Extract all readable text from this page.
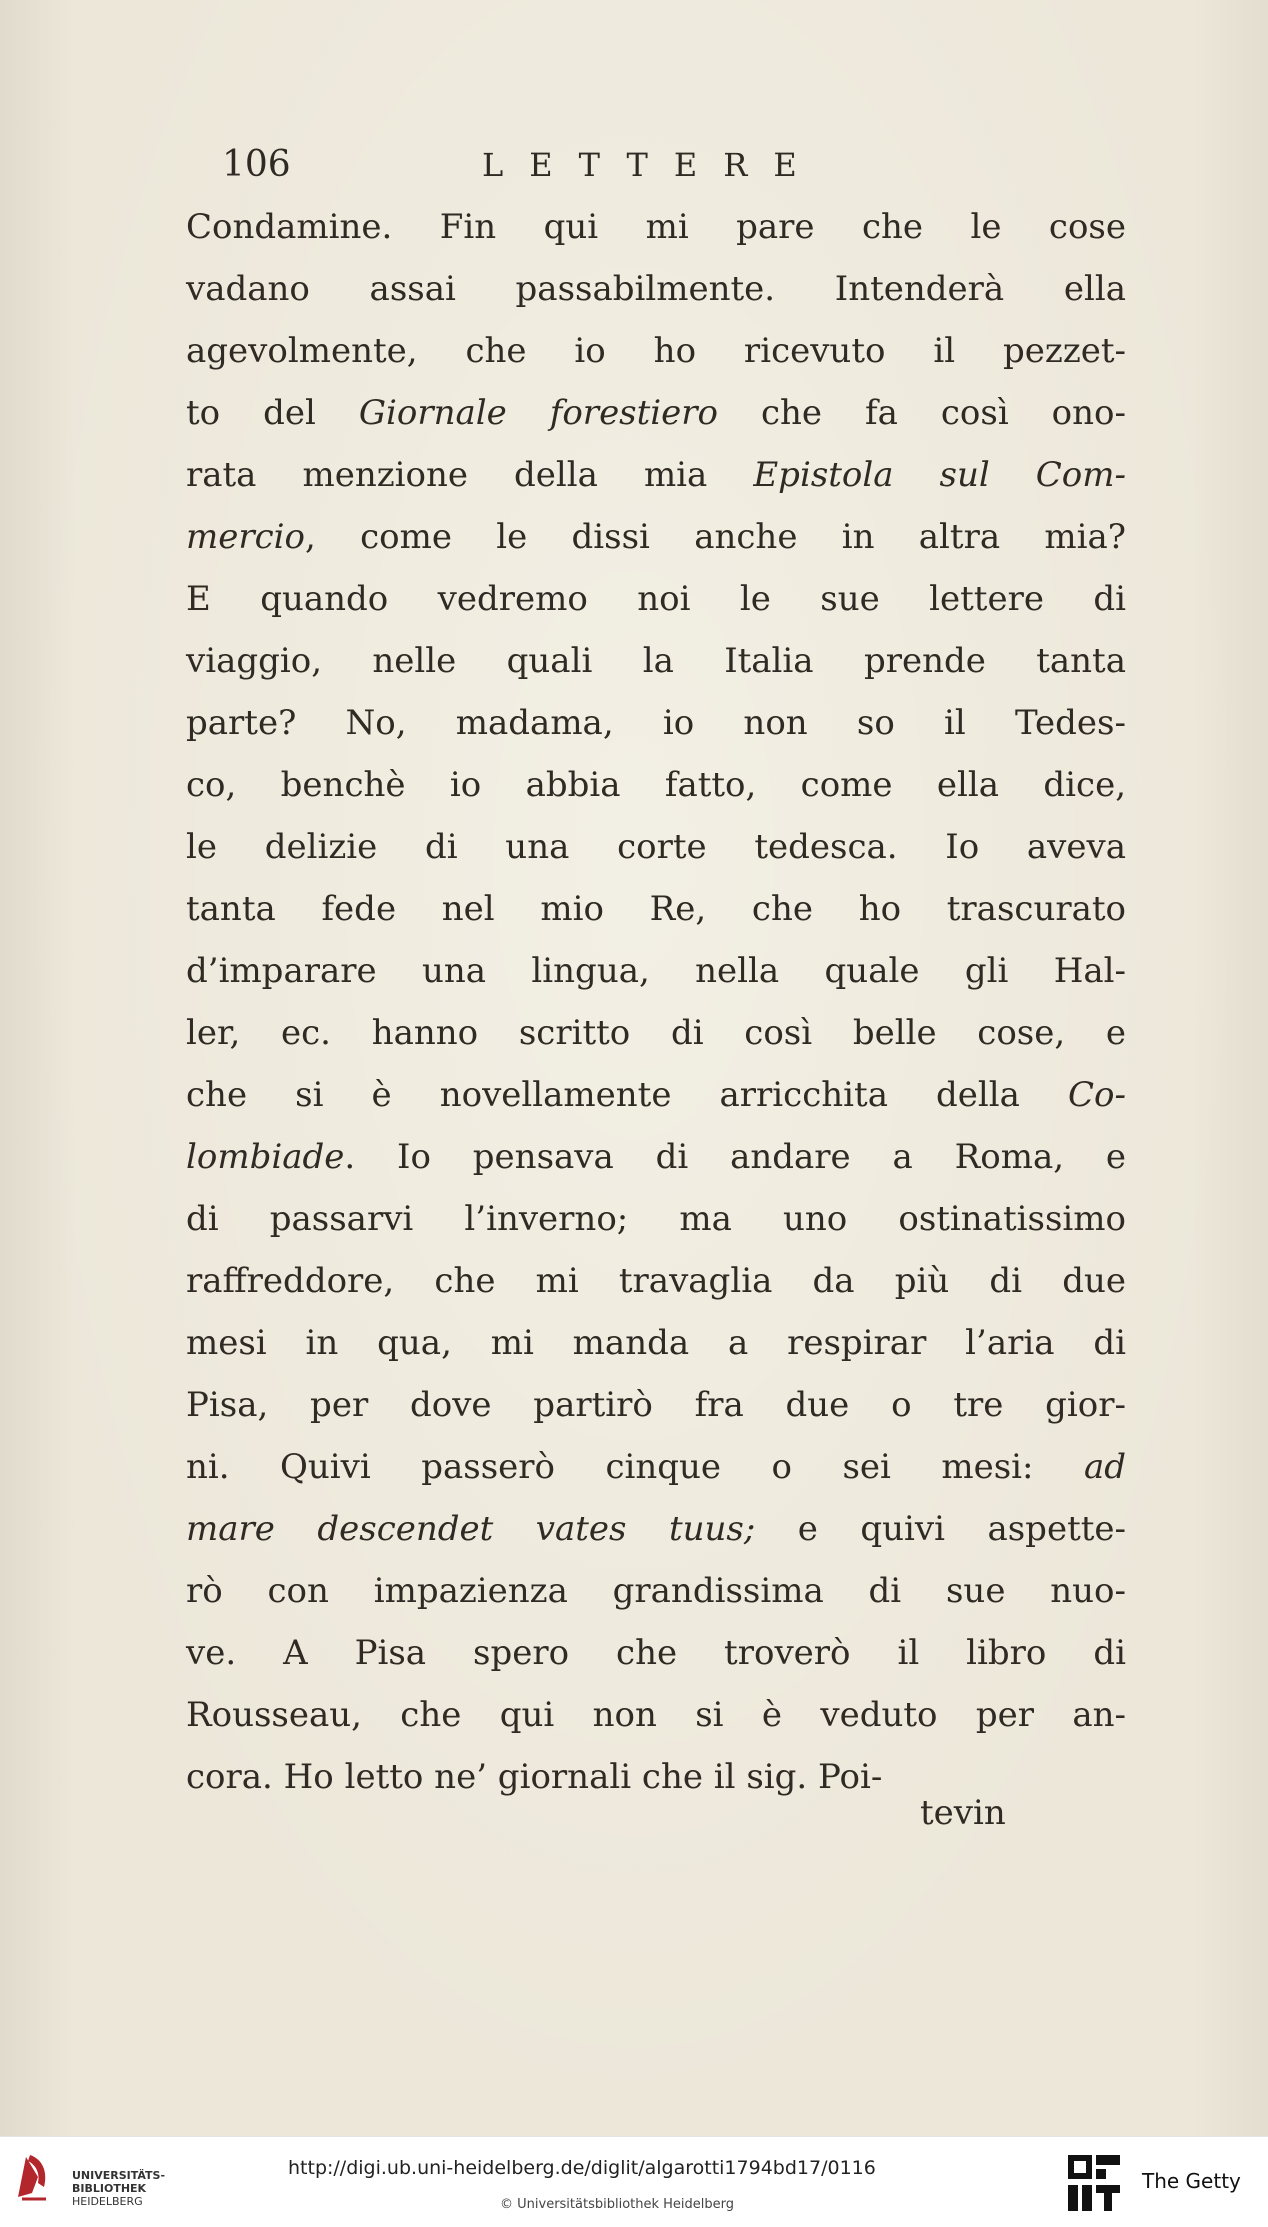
106	LETTERE
Condamine. Fin qui mi pare che le cose
vadano assai passabilmente. Intenderà ella
agevolmente, che io ho ricevuto il pezzet-
to del Giornale forestiero che fa così ono-
rata menzione della mia Epistola sul Com-
mercio, come le dissi anche in altra mia?
E quando vedremo noi le sue lettere di
viaggio, nelle quali la Italia prende tanta
parte? No, madama, io non so il Tedes-
co, benchè io abbia fatto, come ella dice,
le delizie di una corte tedesca. Io aveva
tanta fede nel mio Re, che ho trascurato
d’imparare una lingua, nella quale gli Hal-
ler, ec. hanno scritto di così belle cose, e
che si è novellamente arricchita della Co-
lombiade. Io pensava di andare a Roma, e
di passarvi l’inverno; ma uno ostinatissimo
raffreddore, che mi travaglia da più di due
mesi in qua, mi manda a respirar l’aria di
Pisa, per dove partirò fra due o tre gior-
ni. Quivi passerò cinque o sei mesi: ad
mare descendet vates tuus; e quivi aspette-
rò con impazienza grandissima di sue nuo-
ve. A Pisa spero che troverò il libro di
Rousseau, che qui non si è veduto per an-
cora. Ho letto ne’ giornali che il sig. Poi-
tevin
UNIVERSITÄTS-
BIBLIOTHEK
HEIDELBERG
http://digi.ub.uni-heidelberg.de/diglit/algarotti1794bd17/0116
© Universitätsbibliothek Heidelberg
The Getty
